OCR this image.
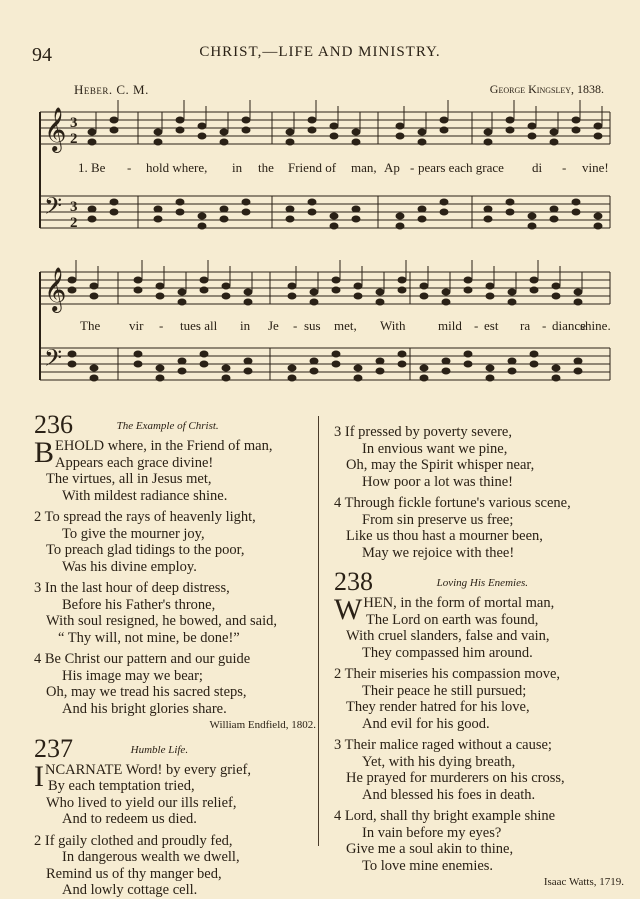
94	CHRIST,—LIFE AND MINISTRY.
Heber. C. M.	George Kingsley, 1838.
𝄞
𝄢
3
2
3
2
𝄞
𝄢
1. Be - hold where, in the Friend of man, Ap - pears each grace di - vine!
The vir - tues all in Je - sus met, With	mild - est ra - diance
shine.
236	The Example of Christ.
BEHOLD where, in the Friend of man,
Appears each grace divine!
The virtues, all in Jesus met,
With mildest radiance shine.
2 To spread the rays of heavenly light,
To give the mourner joy,
To preach glad tidings to the poor,
Was his divine employ.
3 In the last hour of deep distress,
Before his Father's throne,
With soul resigned, he bowed, and said,
“ Thy will, not mine, be done!”
4 Be Christ our pattern and our guide
His image may we bear;
Oh, may we tread his sacred steps,
And his bright glories share.
William Endfield, 1802.
237	Humble Life.
INCARNATE Word! by every grief,
By each temptation tried,
Who lived to yield our ills relief,
And to redeem us died.
2 If gaily clothed and proudly fed,
In dangerous wealth we dwell,
Remind us of thy manger bed,
And lowly cottage cell.
3 If pressed by poverty severe,
In envious want we pine,
Oh, may the Spirit whisper near,
How poor a lot was thine!
4 Through fickle fortune's various scene,
From sin preserve us free;
Like us thou hast a mourner been,
May we rejoice with thee!
238	Loving His Enemies.
WHEN, in the form of mortal man,
The Lord on earth was found,
With cruel slanders, false and vain,
They compassed him around.
2 Their miseries his compassion move,
Their peace he still pursued;
They render hatred for his love,
And evil for his good.
3 Their malice raged without a cause;
Yet, with his dying breath,
He prayed for murderers on his cross,
And blessed his foes in death.
4 Lord, shall thy bright example shine
In vain before my eyes?
Give me a soul akin to thine,
To love mine enemies.
Isaac Watts, 1719.
